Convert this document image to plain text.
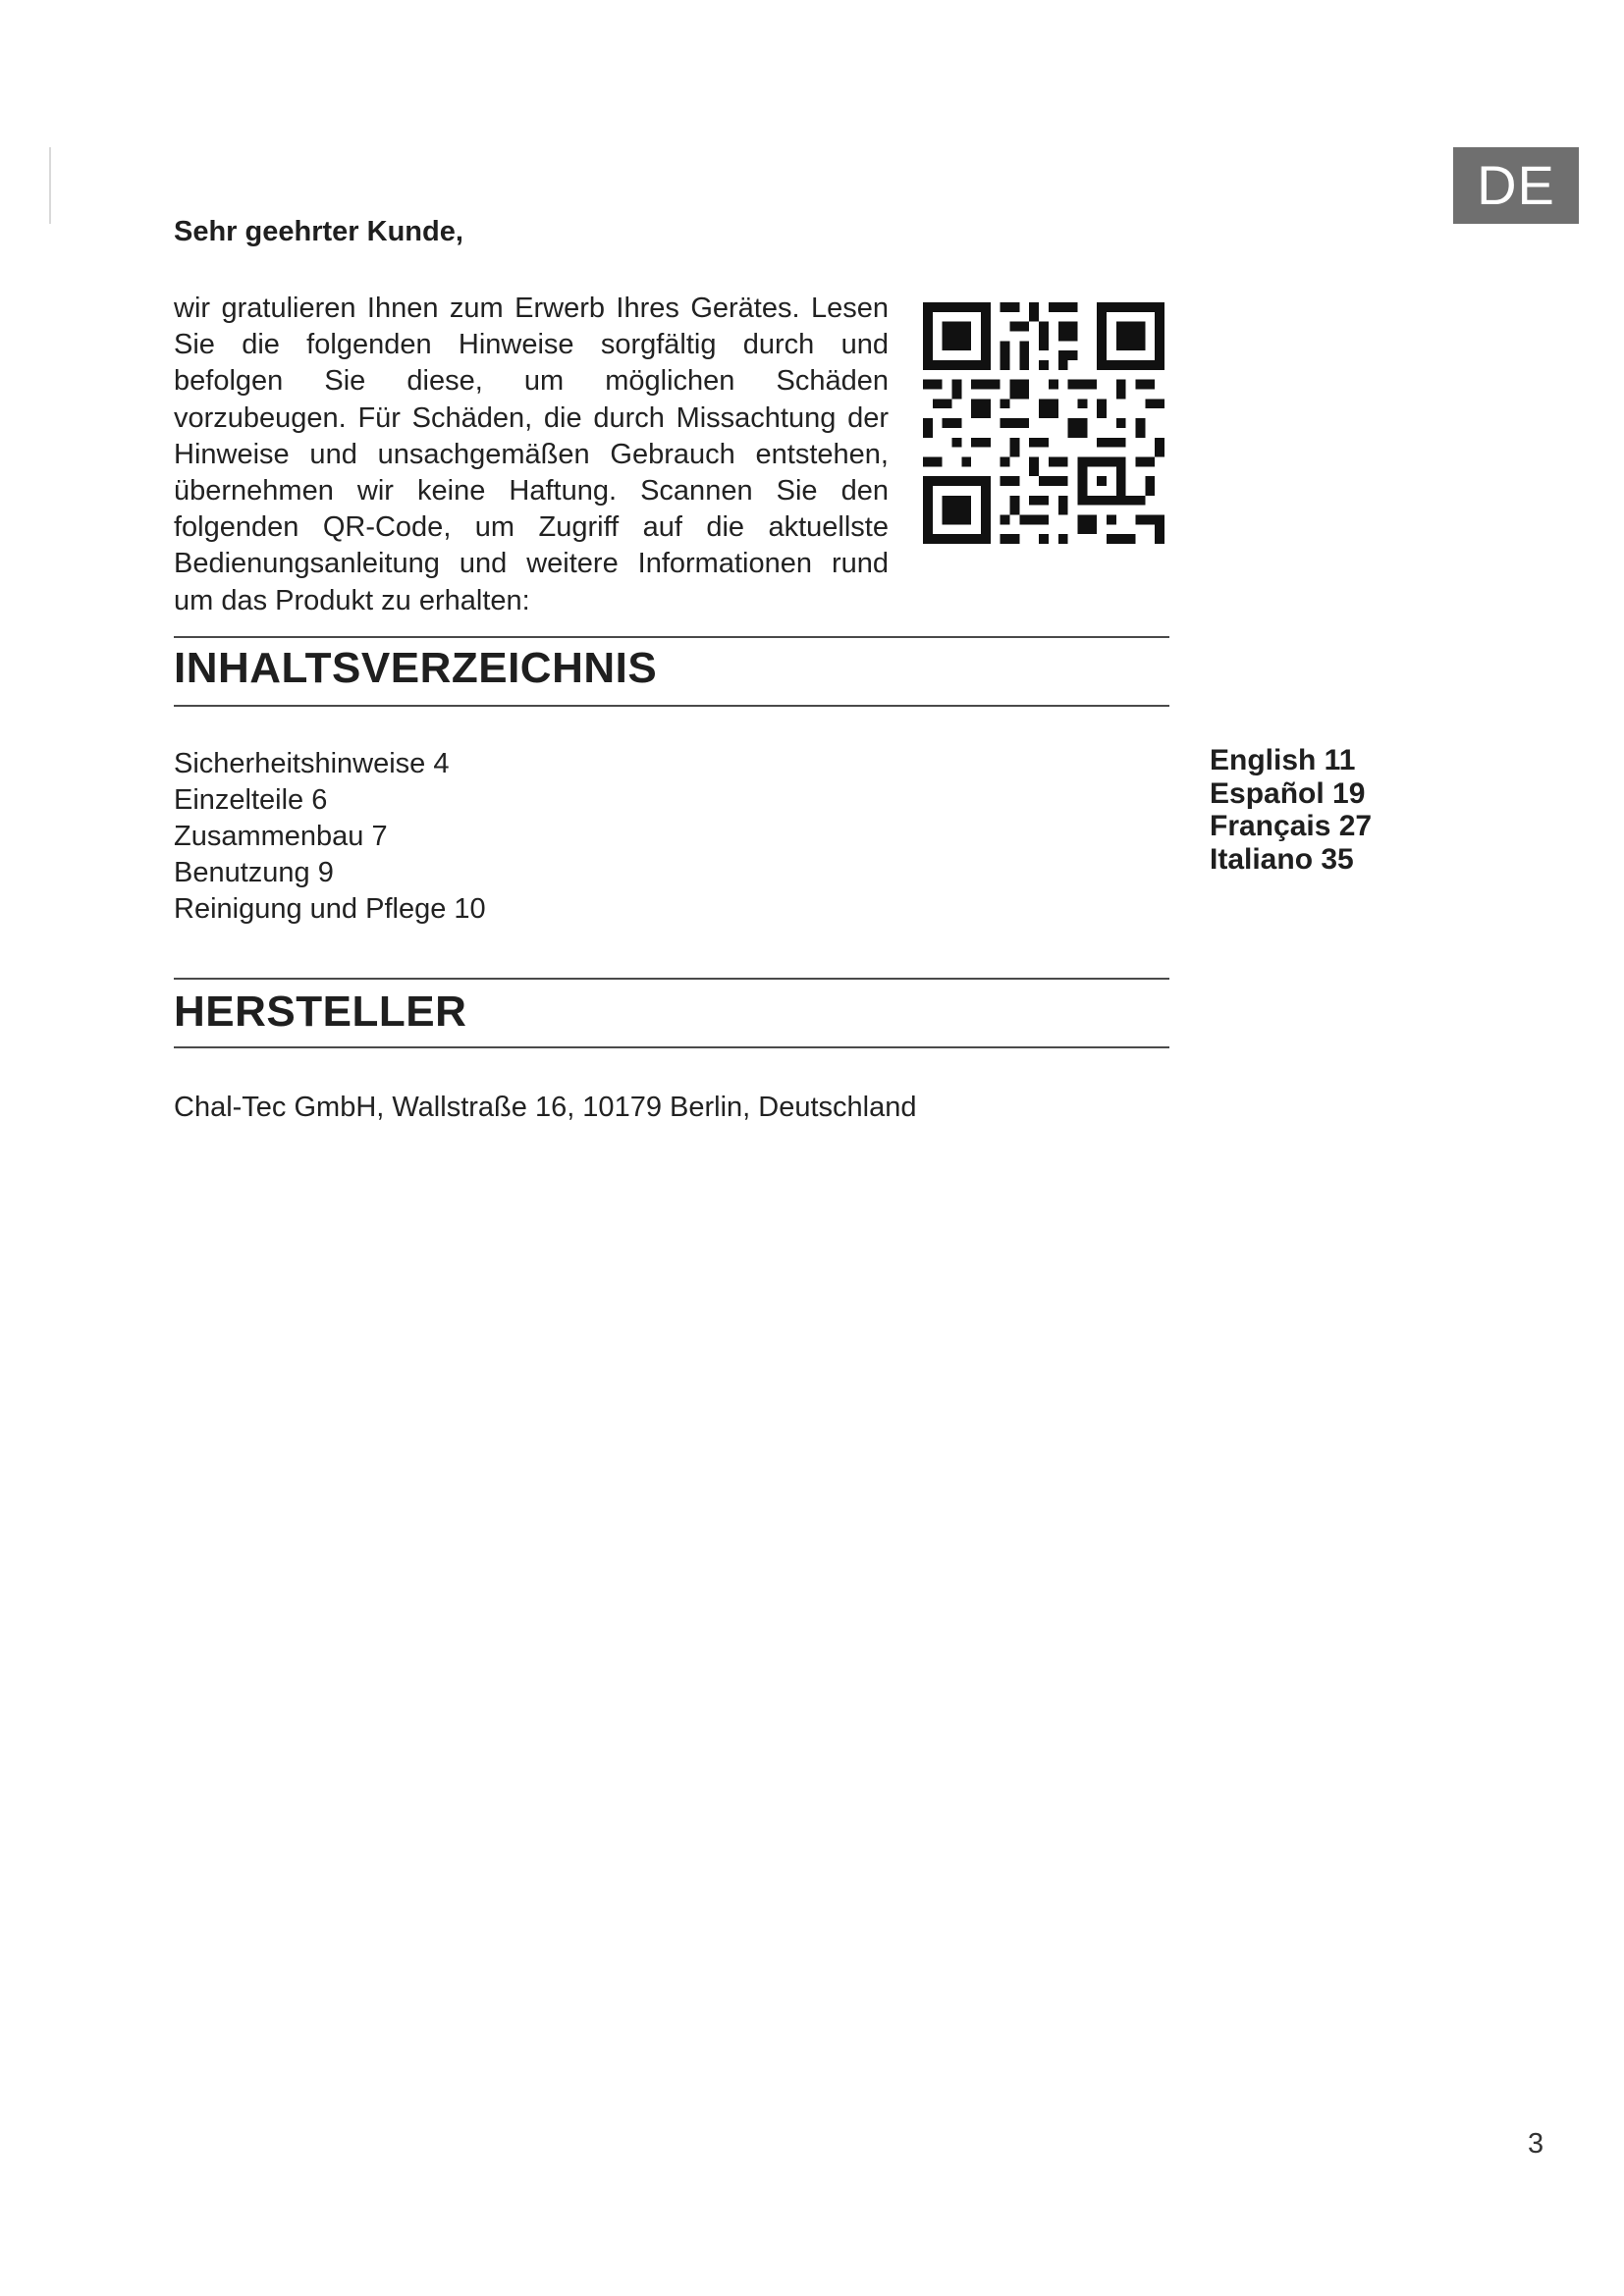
DE

Sehr geehrter Kunde,

wir gratulieren Ihnen zum Erwerb Ihres Gerätes. Lesen Sie die folgenden Hinweise sorgfältig durch und befolgen Sie diese, um möglichen Schäden vorzubeugen. Für Schäden, die durch Missachtung der Hinweise und unsachgemäßen Gebrauch entstehen, übernehmen wir keine Haftung. Scannen Sie den folgenden QR-Code, um Zugriff auf die aktuellste Bedienungsanleitung und weitere Informationen rund um das Produkt zu erhalten:

INHALTSVERZEICHNIS
Sicherheitshinweise 4
Einzelteile 6
Zusammenbau 7
Benutzung 9
Reinigung und Pflege 10
English 11
Español 19
Français 27
Italiano 35
HERSTELLER

Chal-Tec GmbH, Wallstraße 16, 10179 Berlin, Deutschland

3
